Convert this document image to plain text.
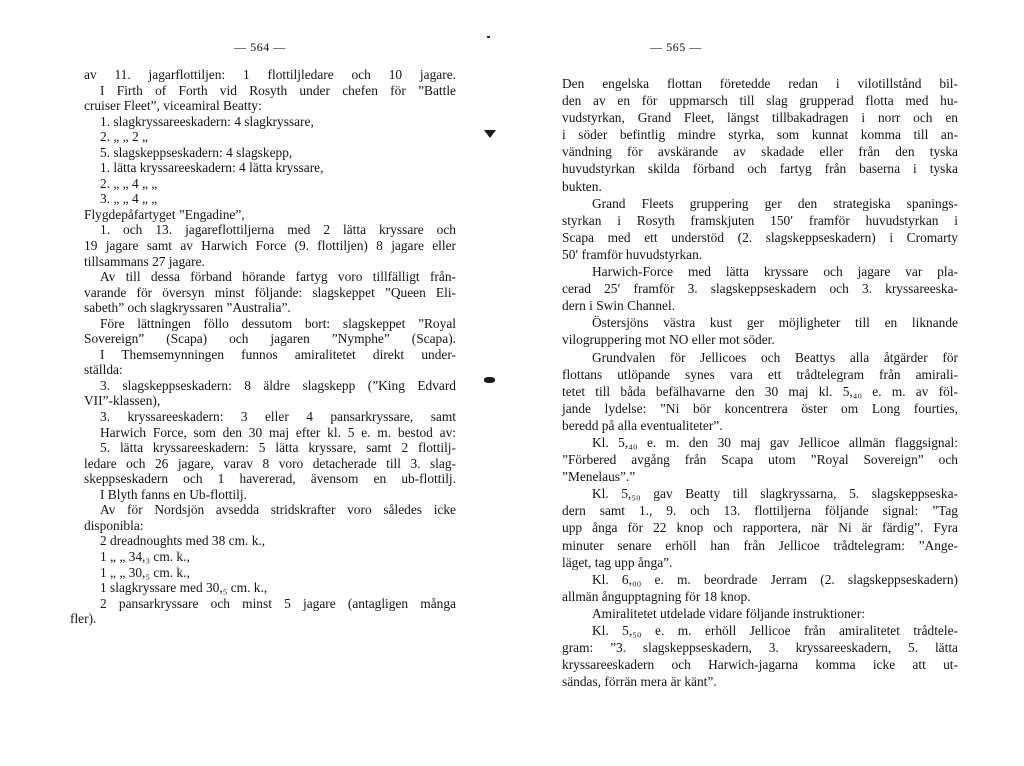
— 564 —
av 11. jagarflottiljen: 1 flottiljledare och 10 jagare.
I Firth of Forth vid Rosyth under chefen för ”Battle
cruiser Fleet”, viceamiral Beatty:
1. slagkryssareeskadern: 4 slagkryssare,
2. „ „ 2 „
5. slagskeppseskadern: 4 slagskepp,
1. lätta kryssareeskadern: 4 lätta kryssare,
2. „ „ 4 „ „
3. „ „ 4 „ „
Flygdepåfartyget ”Engadine”,
1. och 13. jagareflottiljerna med 2 lätta kryssare och
19 jagare samt av Harwich Force (9. flottiljen) 8 jagare eller
tillsammans 27 jagare.
Av till dessa förband hörande fartyg voro tillfälligt från-
varande för översyn minst följande: slagskeppet ”Queen Eli-
sabeth” och slagkryssaren ”Australia”.
Före lättningen föllo dessutom bort: slagskeppet ”Royal
Sovereign” (Scapa) och jagaren ”Nymphe” (Scapa).
I Themsemynningen funnos amiralitetet direkt under-
ställda:
3. slagskeppseskadern: 8 äldre slagskepp (”King Edvard
VII”-klassen),
3. kryssareeskadern: 3 eller 4 pansarkryssare, samt
Harwich Force, som den 30 maj efter kl. 5 e. m. bestod av:
5. lätta kryssareeskadern: 5 lätta kryssare, samt 2 flottilj-
ledare och 26 jagare, varav 8 voro detacherade till 3. slag-
skeppseskadern och 1 havererad, ävensom en ub-flottilj.
I Blyth fanns en Ub-flottilj.
Av för Nordsjön avsedda stridskrafter voro således icke
disponibla:
2 dreadnoughts med 38 cm. k.,
1 „ „ 34,₃ cm. k.,
1 „ „ 30,₅ cm. k.,
1 slagkryssare med 30,₅ cm. k.,
2 pansarkryssare och minst 5 jagare (antagligen många
fler).
— 565 —
Den engelska flottan företedde redan i vilotillstånd bil-
den av en för uppmarsch till slag grupperad flotta med hu-
vudstyrkan, Grand Fleet, längst tillbakadragen i norr och en
i söder befintlig mindre styrka, som kunnat komma till an-
vändning för avskärande av skadade eller från den tyska
huvudstyrkan skilda förband och fartyg från baserna i tyska
bukten.
Grand Fleets gruppering ger den strategiska spanings-
styrkan i Rosyth framskjuten 150′ framför huvudstyrkan i
Scapa med ett understöd (2. slagskeppseskadern) i Cromarty
50′ framför huvudstyrkan.
Harwich-Force med lätta kryssare och jagare var pla-
cerad 25′ framför 3. slagskeppseskadern och 3. kryssareeska-
dern i Swin Channel.
Östersjöns västra kust ger möjligheter till en liknande
vilogruppering mot NO eller mot söder.
Grundvalen för Jellicoes och Beattys alla åtgärder för
flottans utlöpande synes vara ett trådtelegram från amirali-
tetet till båda befälhavarne den 30 maj kl. 5,₄₀ e. m. av föl-
jande lydelse: ”Ni bör koncentrera öster om Long fourties,
beredd på alla eventualiteter”.
Kl. 5,₄₀ e. m. den 30 maj gav Jellicoe allmän flaggsignal:
”Förbered avgång från Scapa utom ”Royal Sovereign” och
”Menelaus”.”
Kl. 5,₅₀ gav Beatty till slagkryssarna, 5. slagskeppseska-
dern samt 1., 9. och 13. flottiljerna följande signal: ”Tag
upp ånga för 22 knop och rapportera, när Ni är färdig”. Fyra
minuter senare erhöll han från Jellicoe trådtelegram: ”Ange-
läget, tag upp ånga”.
Kl. 6,₀₀ e. m. beordrade Jerram (2. slagskeppseskadern)
allmän ångupptagning för 18 knop.
Amiralitetet utdelade vidare följande instruktioner:
Kl. 5,₅₀ e. m. erhöll Jellicoe från amiralitetet trådtele-
gram: ”3. slagskeppseskadern, 3. kryssareeskadern, 5. lätta
kryssareeskadern och Harwich-jagarna komma icke att ut-
sändas, förrän mera är känt”.
